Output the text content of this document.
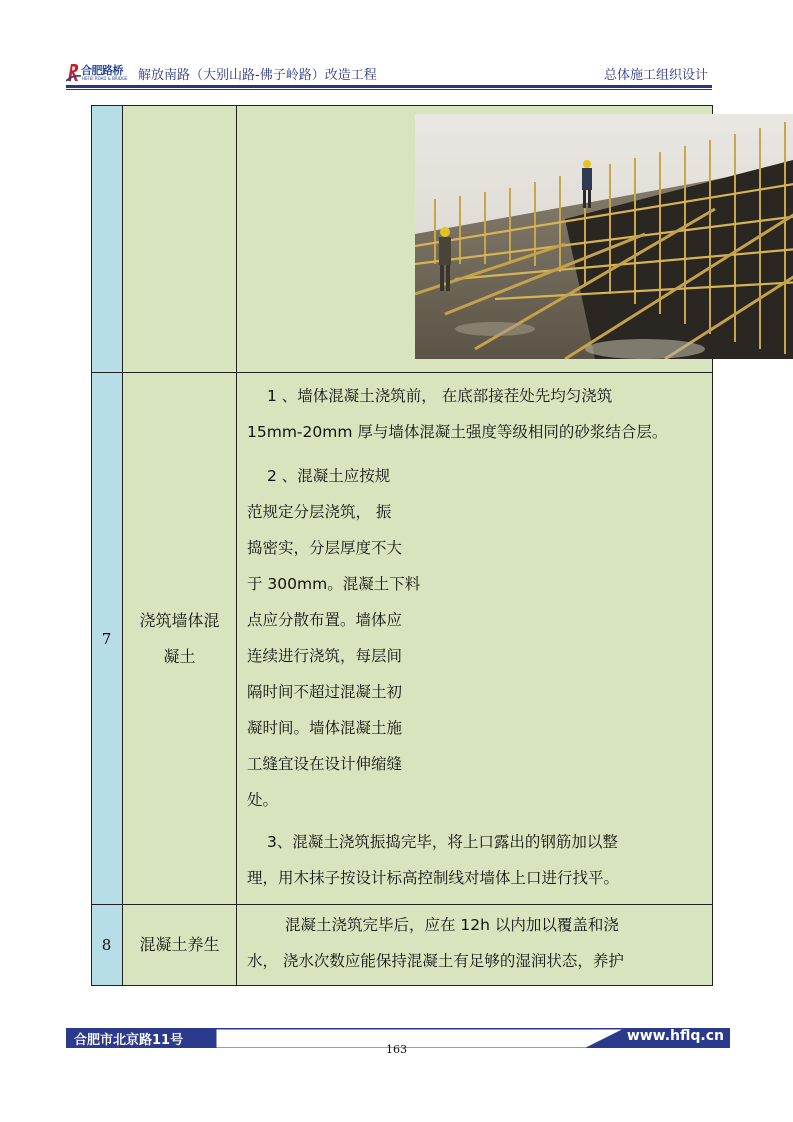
合肥路桥
HEFEI ROAD & BRIDGE 解放南路（大别山路-佛子岭路）改造工程	总体施工组织设计
7
浇筑墙体混凝土
1 、墙体混凝土浇筑前， 在底部接茬处先均匀浇筑
15mm-20mm 厚与墙体混凝土强度等级相同的砂浆结合层。
2 、混凝土应按规
范规定分层浇筑， 振
捣密实，分层厚度不大
于 300mm。混凝土下料
点应分散布置。墙体应
连续进行浇筑，每层间
隔时间不超过混凝土初
凝时间。墙体混凝土施
工缝宜设在设计伸缩缝
处。
3、混凝土浇筑振捣完毕，将上口露出的钢筋加以整
理，用木抹子按设计标高控制线对墙体上口进行找平。
8 混凝土养生
混凝土浇筑完毕后，应在 12h 以内加以覆盖和浇
水， 浇水次数应能保持混凝土有足够的湿润状态，养护
合肥市北京路11号	www.hflq.cn
163
